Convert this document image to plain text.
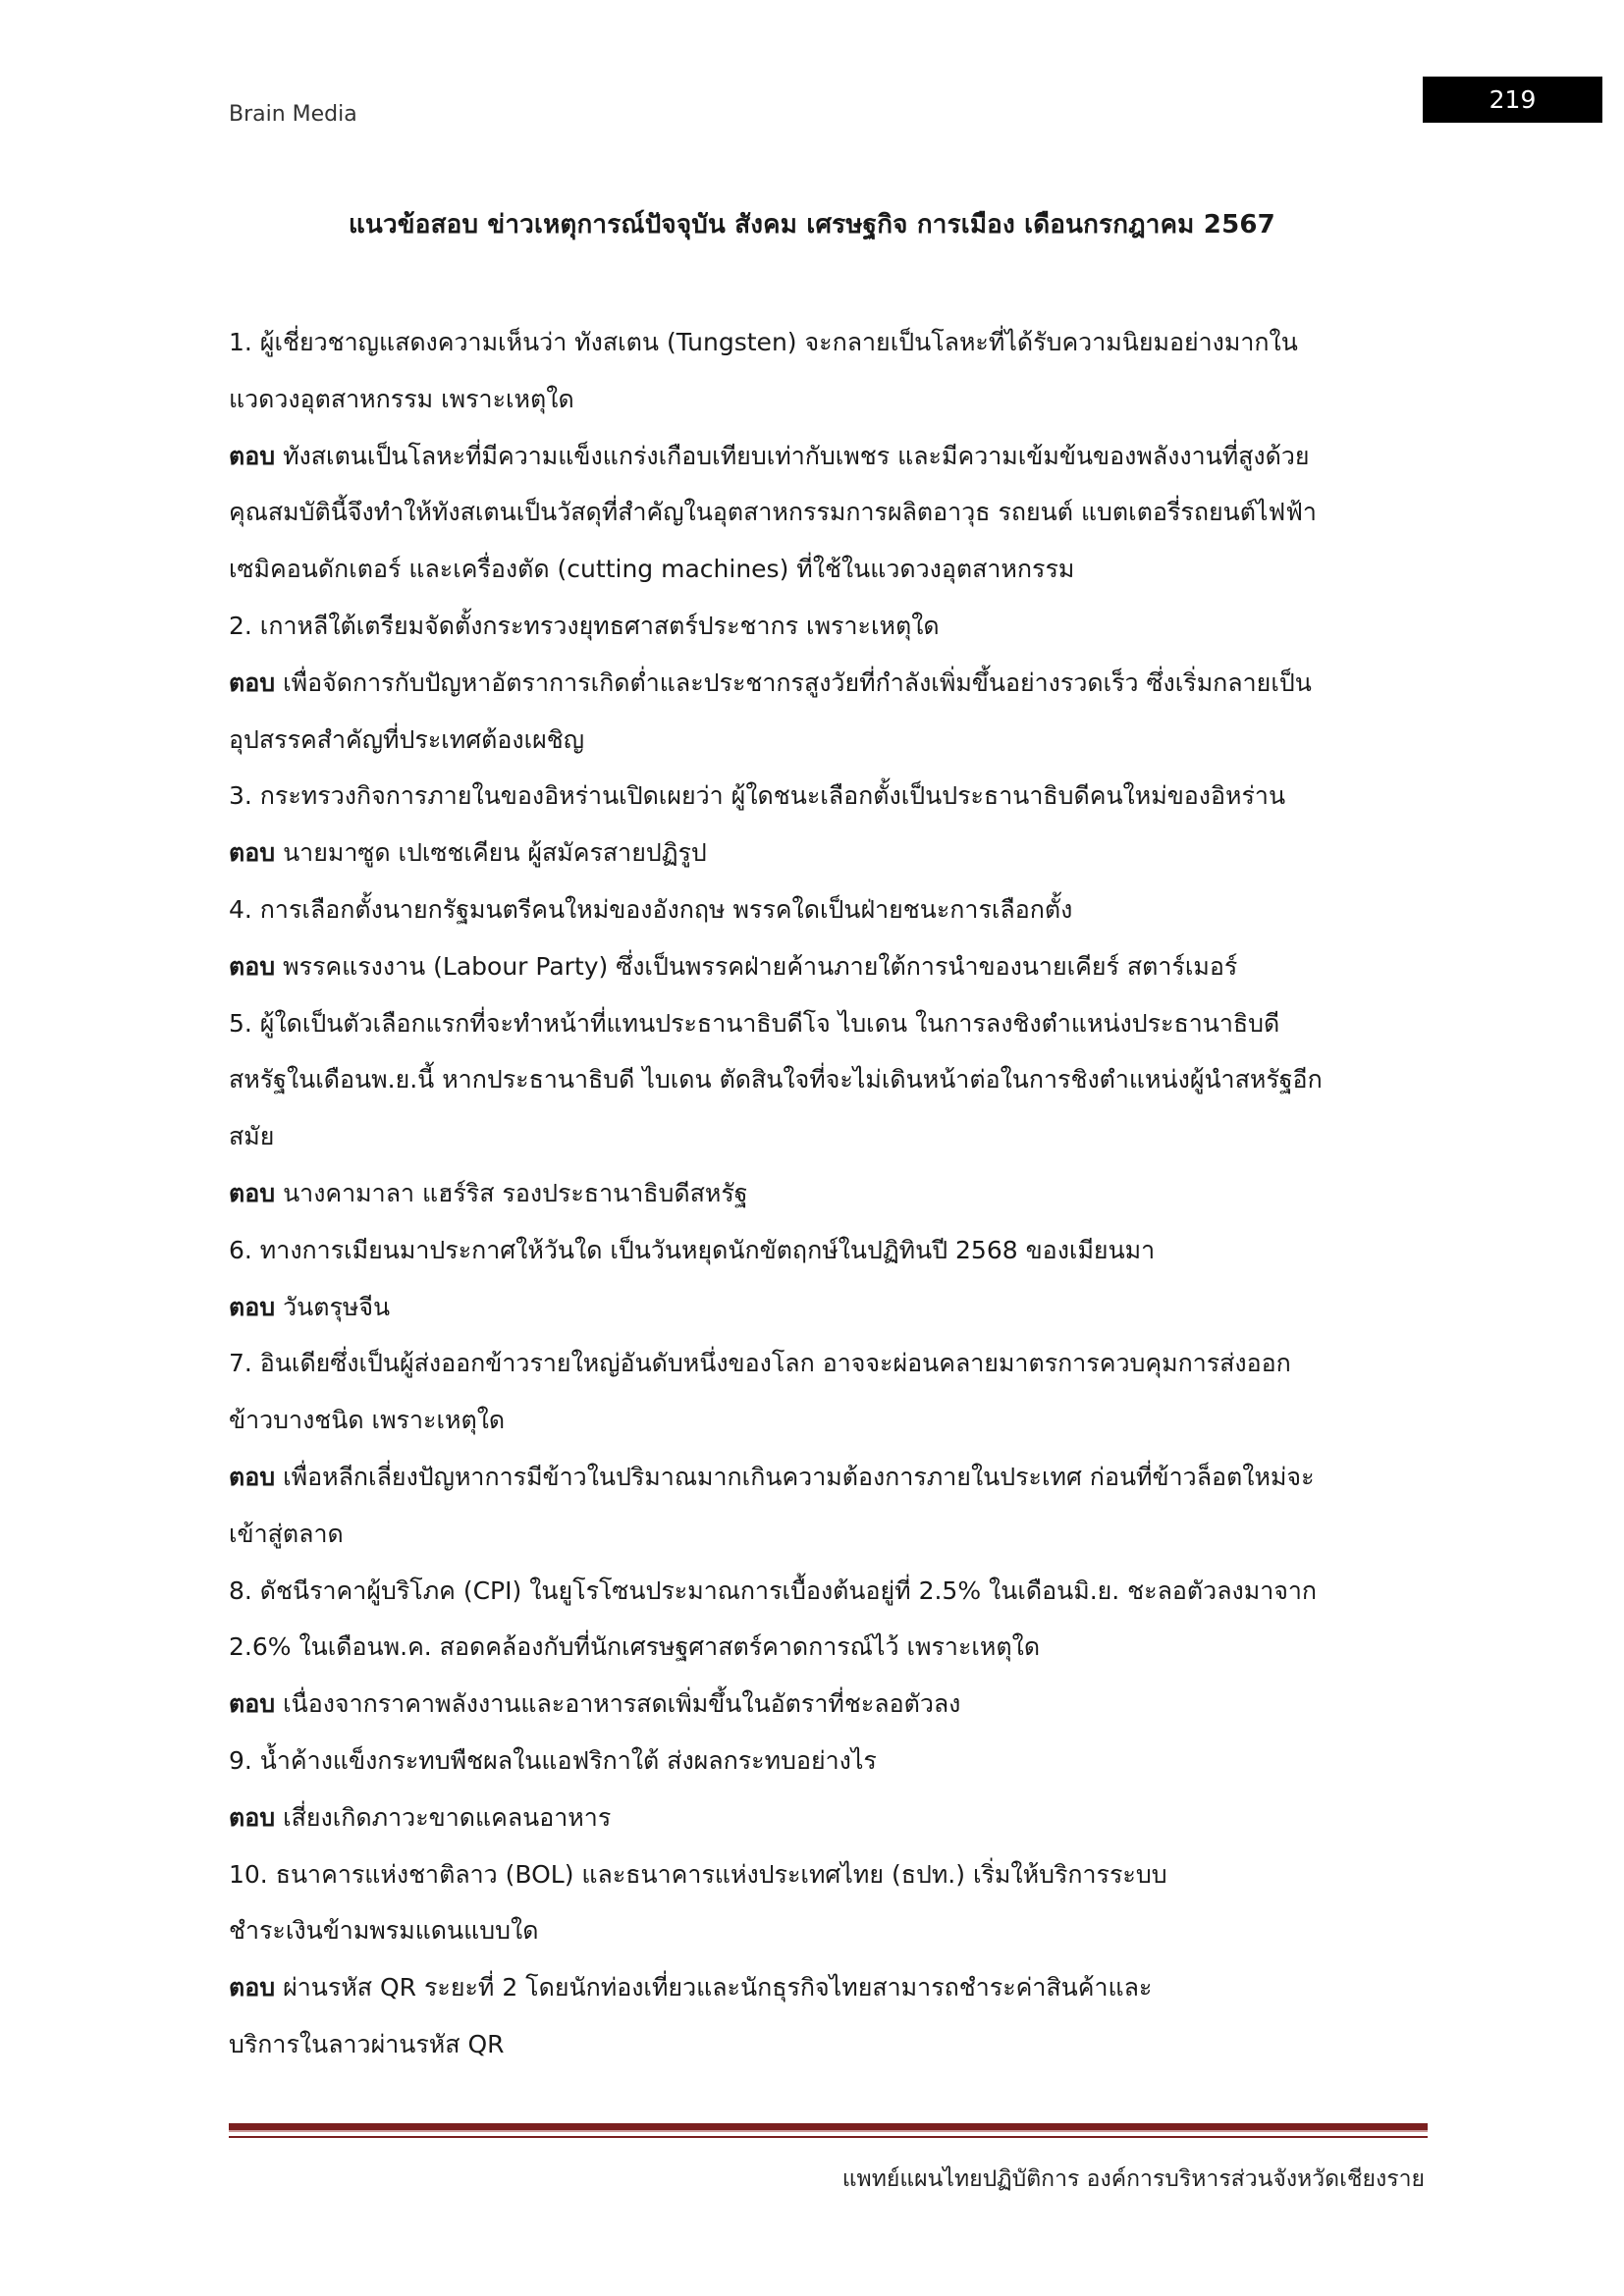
Brain Media
219
แนวข้อสอบ ข่าวเหตุการณ์ปัจจุบัน สังคม เศรษฐกิจ การเมือง เดือนกรกฎาคม 2567
1. ผู้เชี่ยวชาญแสดงความเห็นว่า ทังสเตน (Tungsten) จะกลายเป็นโลหะที่ได้รับความนิยมอย่างมากใน
แวดวงอุตสาหกรรม เพราะเหตุใด
ตอบ ทังสเตนเป็นโลหะที่มีความแข็งแกร่งเกือบเทียบเท่ากับเพชร และมีความเข้มข้นของพลังงานที่สูงด้วย
คุณสมบัตินี้จึงทำให้ทังสเตนเป็นวัสดุที่สำคัญในอุตสาหกรรมการผลิตอาวุธ รถยนต์ แบตเตอรี่รถยนต์ไฟฟ้า
เซมิคอนดักเตอร์ และเครื่องตัด (cutting machines) ที่ใช้ในแวดวงอุตสาหกรรม
2. เกาหลีใต้เตรียมจัดตั้งกระทรวงยุทธศาสตร์ประชากร เพราะเหตุใด
ตอบ เพื่อจัดการกับปัญหาอัตราการเกิดต่ำและประชากรสูงวัยที่กำลังเพิ่มขึ้นอย่างรวดเร็ว ซึ่งเริ่มกลายเป็น
อุปสรรคสำคัญที่ประเทศต้องเผชิญ
3. กระทรวงกิจการภายในของอิหร่านเปิดเผยว่า ผู้ใดชนะเลือกตั้งเป็นประธานาธิบดีคนใหม่ของอิหร่าน
ตอบ นายมาซูด เปเซชเคียน ผู้สมัครสายปฏิรูป
4. การเลือกตั้งนายกรัฐมนตรีคนใหม่ของอังกฤษ พรรคใดเป็นฝ่ายชนะการเลือกตั้ง
ตอบ พรรคแรงงาน (Labour Party) ซึ่งเป็นพรรคฝ่ายค้านภายใต้การนำของนายเคียร์ สตาร์เมอร์
5. ผู้ใดเป็นตัวเลือกแรกที่จะทำหน้าที่แทนประธานาธิบดีโจ ไบเดน ในการลงชิงตำแหน่งประธานาธิบดี
สหรัฐในเดือนพ.ย.นี้ หากประธานาธิบดี ไบเดน ตัดสินใจที่จะไม่เดินหน้าต่อในการชิงตำแหน่งผู้นำสหรัฐอีก
สมัย
ตอบ นางคามาลา แฮร์ริส รองประธานาธิบดีสหรัฐ
6. ทางการเมียนมาประกาศให้วันใด เป็นวันหยุดนักขัตฤกษ์ในปฏิทินปี 2568 ของเมียนมา
ตอบ วันตรุษจีน
7. อินเดียซึ่งเป็นผู้ส่งออกข้าวรายใหญ่อันดับหนึ่งของโลก อาจจะผ่อนคลายมาตรการควบคุมการส่งออก
ข้าวบางชนิด เพราะเหตุใด
ตอบ เพื่อหลีกเลี่ยงปัญหาการมีข้าวในปริมาณมากเกินความต้องการภายในประเทศ ก่อนที่ข้าวล็อตใหม่จะ
เข้าสู่ตลาด
8. ดัชนีราคาผู้บริโภค (CPI) ในยูโรโซนประมาณการเบื้องต้นอยู่ที่ 2.5% ในเดือนมิ.ย. ชะลอตัวลงมาจาก
2.6% ในเดือนพ.ค. สอดคล้องกับที่นักเศรษฐศาสตร์คาดการณ์ไว้ เพราะเหตุใด
ตอบ เนื่องจากราคาพลังงานและอาหารสดเพิ่มขึ้นในอัตราที่ชะลอตัวลง
9. น้ำค้างแข็งกระทบพืชผลในแอฟริกาใต้ ส่งผลกระทบอย่างไร
ตอบ เสี่ยงเกิดภาวะขาดแคลนอาหาร
10. ธนาคารแห่งชาติลาว (BOL) และธนาคารแห่งประเทศไทย (ธปท.) เริ่มให้บริการระบบ
ชำระเงินข้ามพรมแดนแบบใด
ตอบ ผ่านรหัส QR ระยะที่ 2 โดยนักท่องเที่ยวและนักธุรกิจไทยสามารถชำระค่าสินค้าและ
บริการในลาวผ่านรหัส QR
แพทย์แผนไทยปฏิบัติการ องค์การบริหารส่วนจังหวัดเชียงราย
